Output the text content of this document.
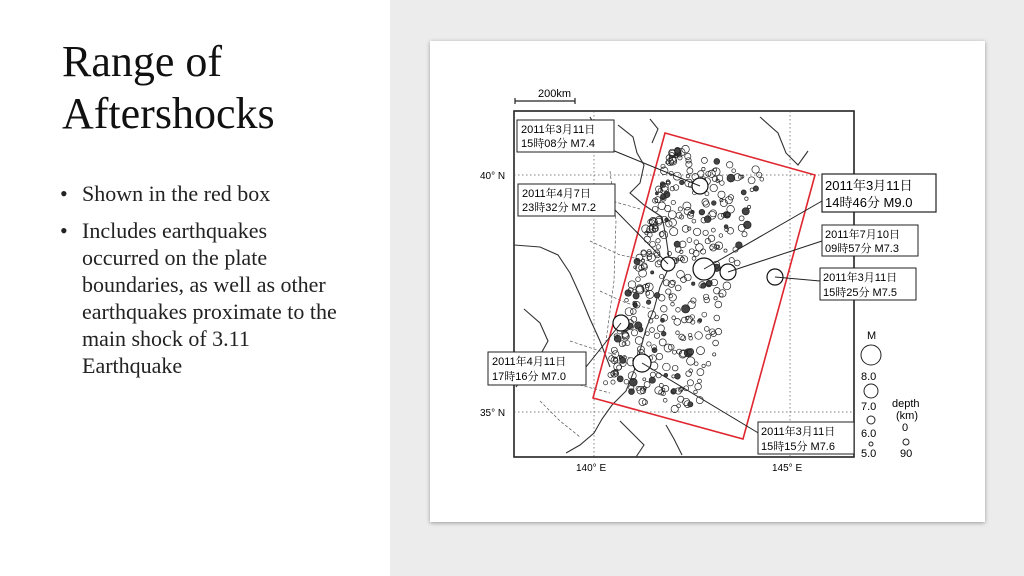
Range of Aftershocks
• Shown in the red box
• Includes earthquakes occurred on the plate boundaries, as well as other earthquakes proximate to the main shock of 3.11 Earthquake
200km
2011年3月11日
15時08分 M7.4
2011年4月7日
23時32分 M7.2
2011年3月11日
14時46分 M9.0
2011年7月10日
09時57分 M7.3
2011年3月11日
15時25分 M7.5
2011年4月11日
17時16分 M7.0
2011年3月11日
15時15分 M7.6
40° N
35° N
140° E	145° E
M
8.0
7.0
6.0
5.0
depth
(km)
0
90
